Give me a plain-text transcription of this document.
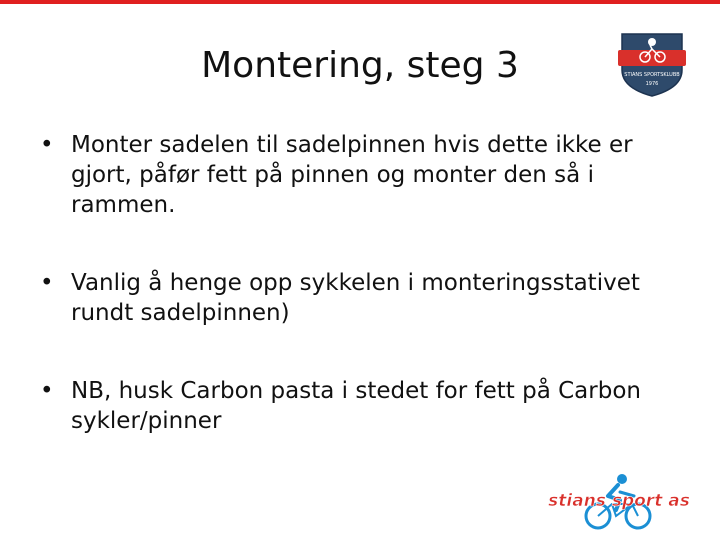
Montering, steg 3	STIANS SPORTSKLUBB
1976
• Monter sadelen til sadelpinnen hvis dette ikke er gjort, påfør fett på pinnen og monter den så i rammen.
• Vanlig å henge opp sykkelen i monteringsstativet rundt sadelpinnen)
• NB, husk Carbon pasta i stedet for fett på Carbon sykler/pinner
stians sport as
